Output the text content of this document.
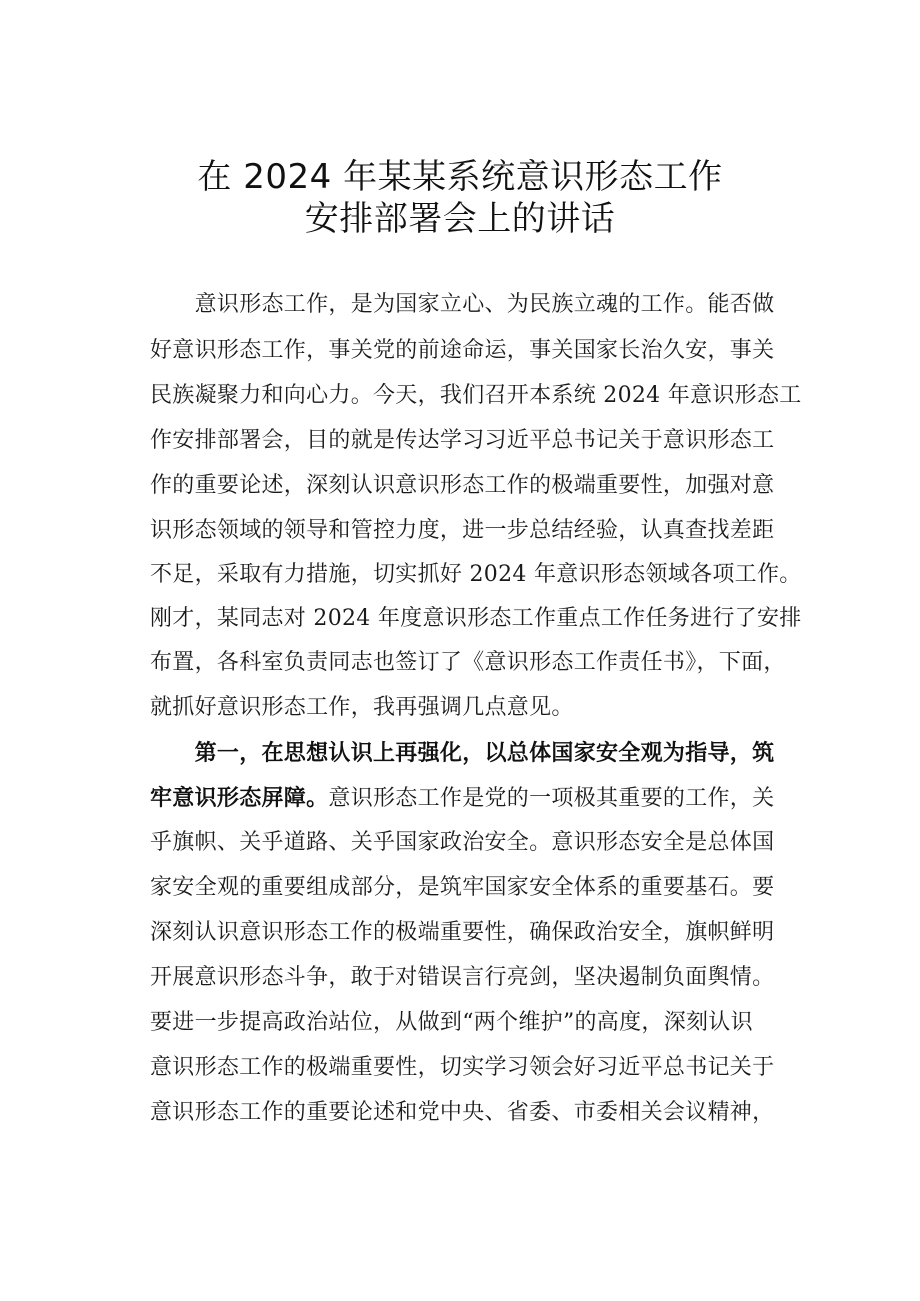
在 2024 年某某系统意识形态工作
安排部署会上的讲话
　　意识形态工作，是为国家立心、为民族立魂的工作。能否做
好意识形态工作，事关党的前途命运，事关国家长治久安，事关
民族凝聚力和向心力。今天，我们召开本系统 2024 年意识形态工
作安排部署会，目的就是传达学习习近平总书记关于意识形态工
作的重要论述，深刻认识意识形态工作的极端重要性，加强对意
识形态领域的领导和管控力度，进一步总结经验，认真查找差距
不足，采取有力措施，切实抓好 2024 年意识形态领域各项工作。
刚才，某同志对 2024 年度意识形态工作重点工作任务进行了安排
布置，各科室负责同志也签订了《意识形态工作责任书》，下面，
就抓好意识形态工作，我再强调几点意见。
　　第一，在思想认识上再强化，以总体国家安全观为指导，筑
牢意识形态屏障。意识形态工作是党的一项极其重要的工作，关
乎旗帜、关乎道路、关乎国家政治安全。意识形态安全是总体国
家安全观的重要组成部分，是筑牢国家安全体系的重要基石。要
深刻认识意识形态工作的极端重要性，确保政治安全，旗帜鲜明
开展意识形态斗争，敢于对错误言行亮剑，坚决遏制负面舆情。
要进一步提高政治站位，从做到“两个维护”的高度，深刻认识
意识形态工作的极端重要性，切实学习领会好习近平总书记关于
意识形态工作的重要论述和党中央、省委、市委相关会议精神，
